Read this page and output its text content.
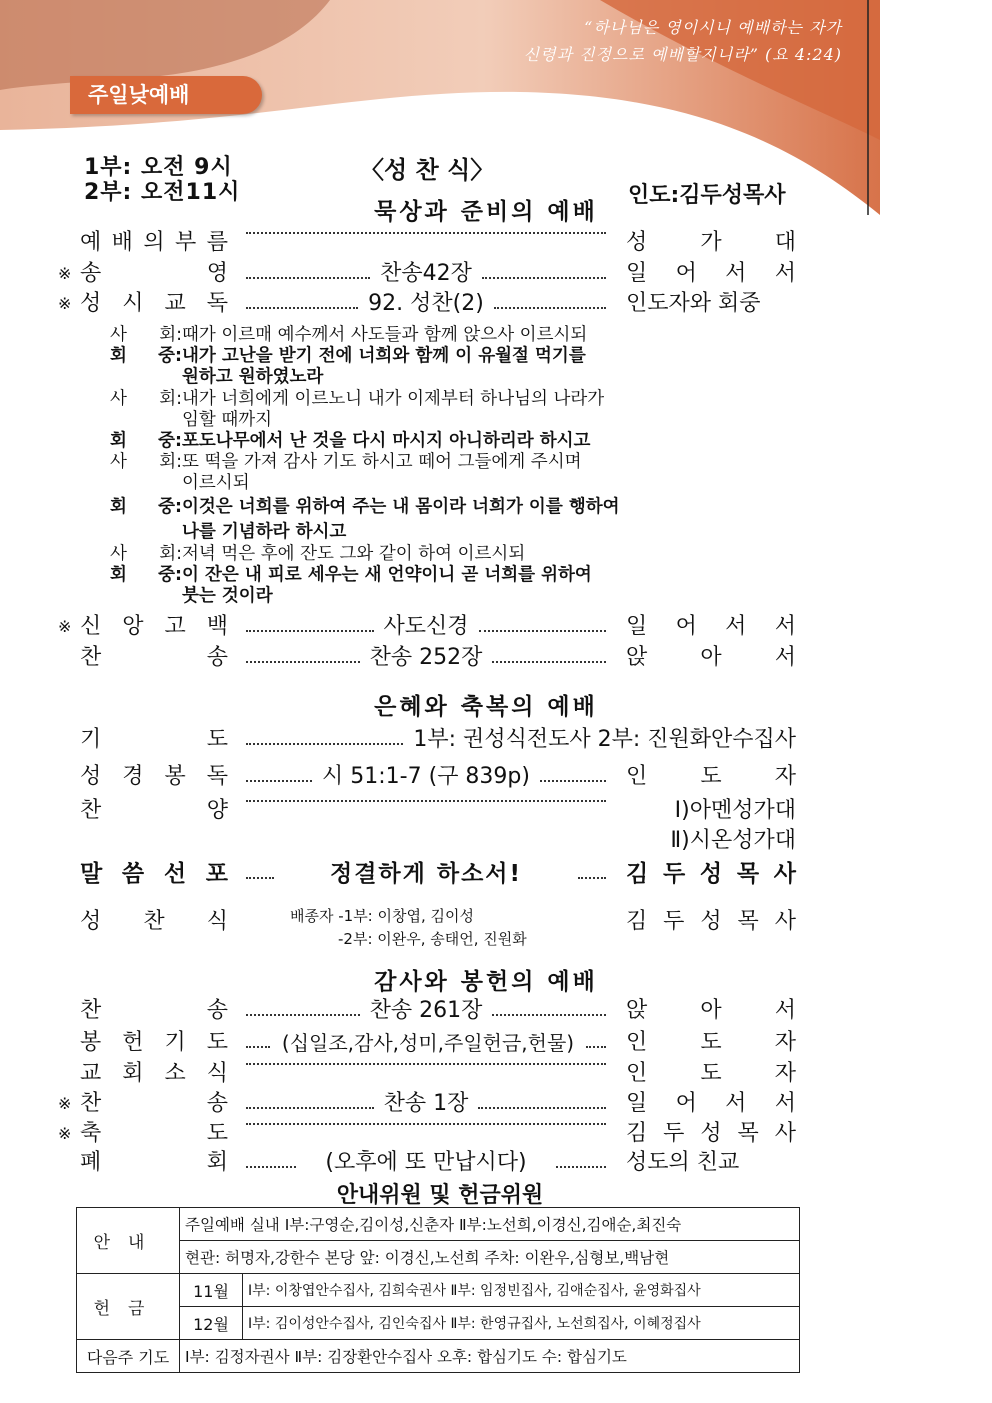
“하나님은 영이시니 예배하는 자가
신령과 진정으로 예배할지니라” (요 4:24)
주일낮예배
1부: 오전 9시
2부: 오전11시
〈성 찬 식〉
인도:김두성목사
묵상과 준비의 예배
예 배 의 부 름	성 가 대
※ 송	영	찬송42장	일 어 서 서
※ 성 시 교 독	92. 성찬(2)	인도자와 회중
사 회: 때가 이르매 예수께서 사도들과 함께 앉으사 이르시되
회 중: 내가 고난을 받기 전에 너희와 함께 이 유월절 먹기를
원하고 원하였노라
사 회: 내가 너희에게 이르노니 내가 이제부터 하나님의 나라가
임할 때까지
회 중: 포도나무에서 난 것을 다시 마시지 아니하리라 하시고
사 회: 또 떡을 가져 감사 기도 하시고 떼어 그들에게 주시며
이르시되
회 중: 이것은 너희를 위하여 주는 내 몸이라 너희가 이를 행하여
나를 기념하라 하시고
사 회: 저녁 먹은 후에 잔도 그와 같이 하여 이르시되
회 중: 이 잔은 내 피로 세우는 새 언약이니 곧 너희를 위하여
붓는 것이라
※ 신 앙 고 백	사도신경	일 어 서 서
찬	송	찬송 252장	앉 아 서
은혜와 축복의 예배
기	도	1부: 권성식전도사 2부: 진원화안수집사
성 경 봉 독	시 51:1-7 (구 839p)	인 도 자
찬	양	Ⅰ)아멘성가대
Ⅱ)시온성가대
말 씀 선 포	정결하게 하소서!	김 두 성 목 사
성 찬 식	김 두 성 목 사
배종자 -1부: 이창엽, 김이성
-2부: 이완우, 송태언, 진원화
감사와 봉헌의 예배
찬	송	찬송 261장	앉 아 서
봉 헌 기 도	(십일조,감사,성미,주일헌금,헌물)	인 도 자
교 회 소 식	인 도 자
※ 찬	송	찬송 1장	일 어 서 서
※ 축	도	김 두 성 목 사
폐	회	(오후에 또 만납시다)	성도의 친교
안내위원 및 헌금위원
안내	주일예배 실내 Ⅰ부:구영순,김이성,신춘자 Ⅱ부:노선희,이경신,김애순,최진숙	
	현관: 허명자,강한수 본당 앞: 이경신,노선희 주차: 이완우,심형보,백남현	
헌금	11월	Ⅰ부: 이창엽안수집사, 김희숙권사 Ⅱ부: 임정빈집사, 김애순집사, 윤영화집사
	12월	Ⅰ부: 김이성안수집사, 김인숙집사 Ⅱ부: 한영규집사, 노선희집사, 이혜정집사
다음주 기도	Ⅰ부: 김정자권사 Ⅱ부: 김장환안수집사 오후: 합심기도 수: 합심기도	
